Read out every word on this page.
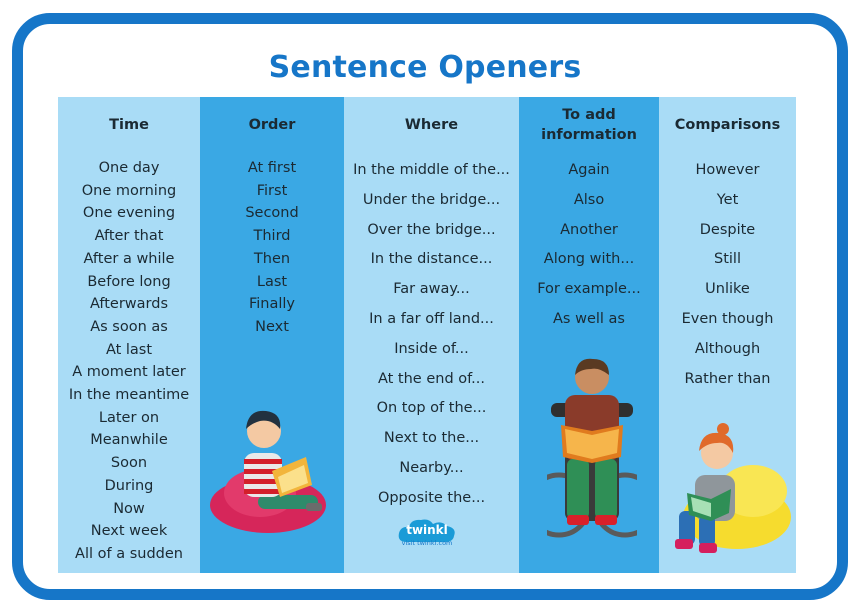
Sentence Openers
Time
One day
One morning
One evening
After that
After a while
Before long
Afterwards
As soon as
At last
A moment later
In the meantime
Later on
Meanwhile
Soon
During
Now
Next week
All of a sudden
Order
At first
First
Second
Third
Then
Last
Finally
Next
Where
In the middle of the...
Under the bridge...
Over the bridge...
In the distance...
Far away...
In a far off land...
Inside of...
At the end of...
On top of the...
Next to the...
Nearby...
Opposite the...
twinkl
visit twinkl.com
To add
information
Again
Also
Another
Along with...
For example...
As well as
Comparisons
However
Yet
Despite
Still
Unlike
Even though
Although
Rather than
